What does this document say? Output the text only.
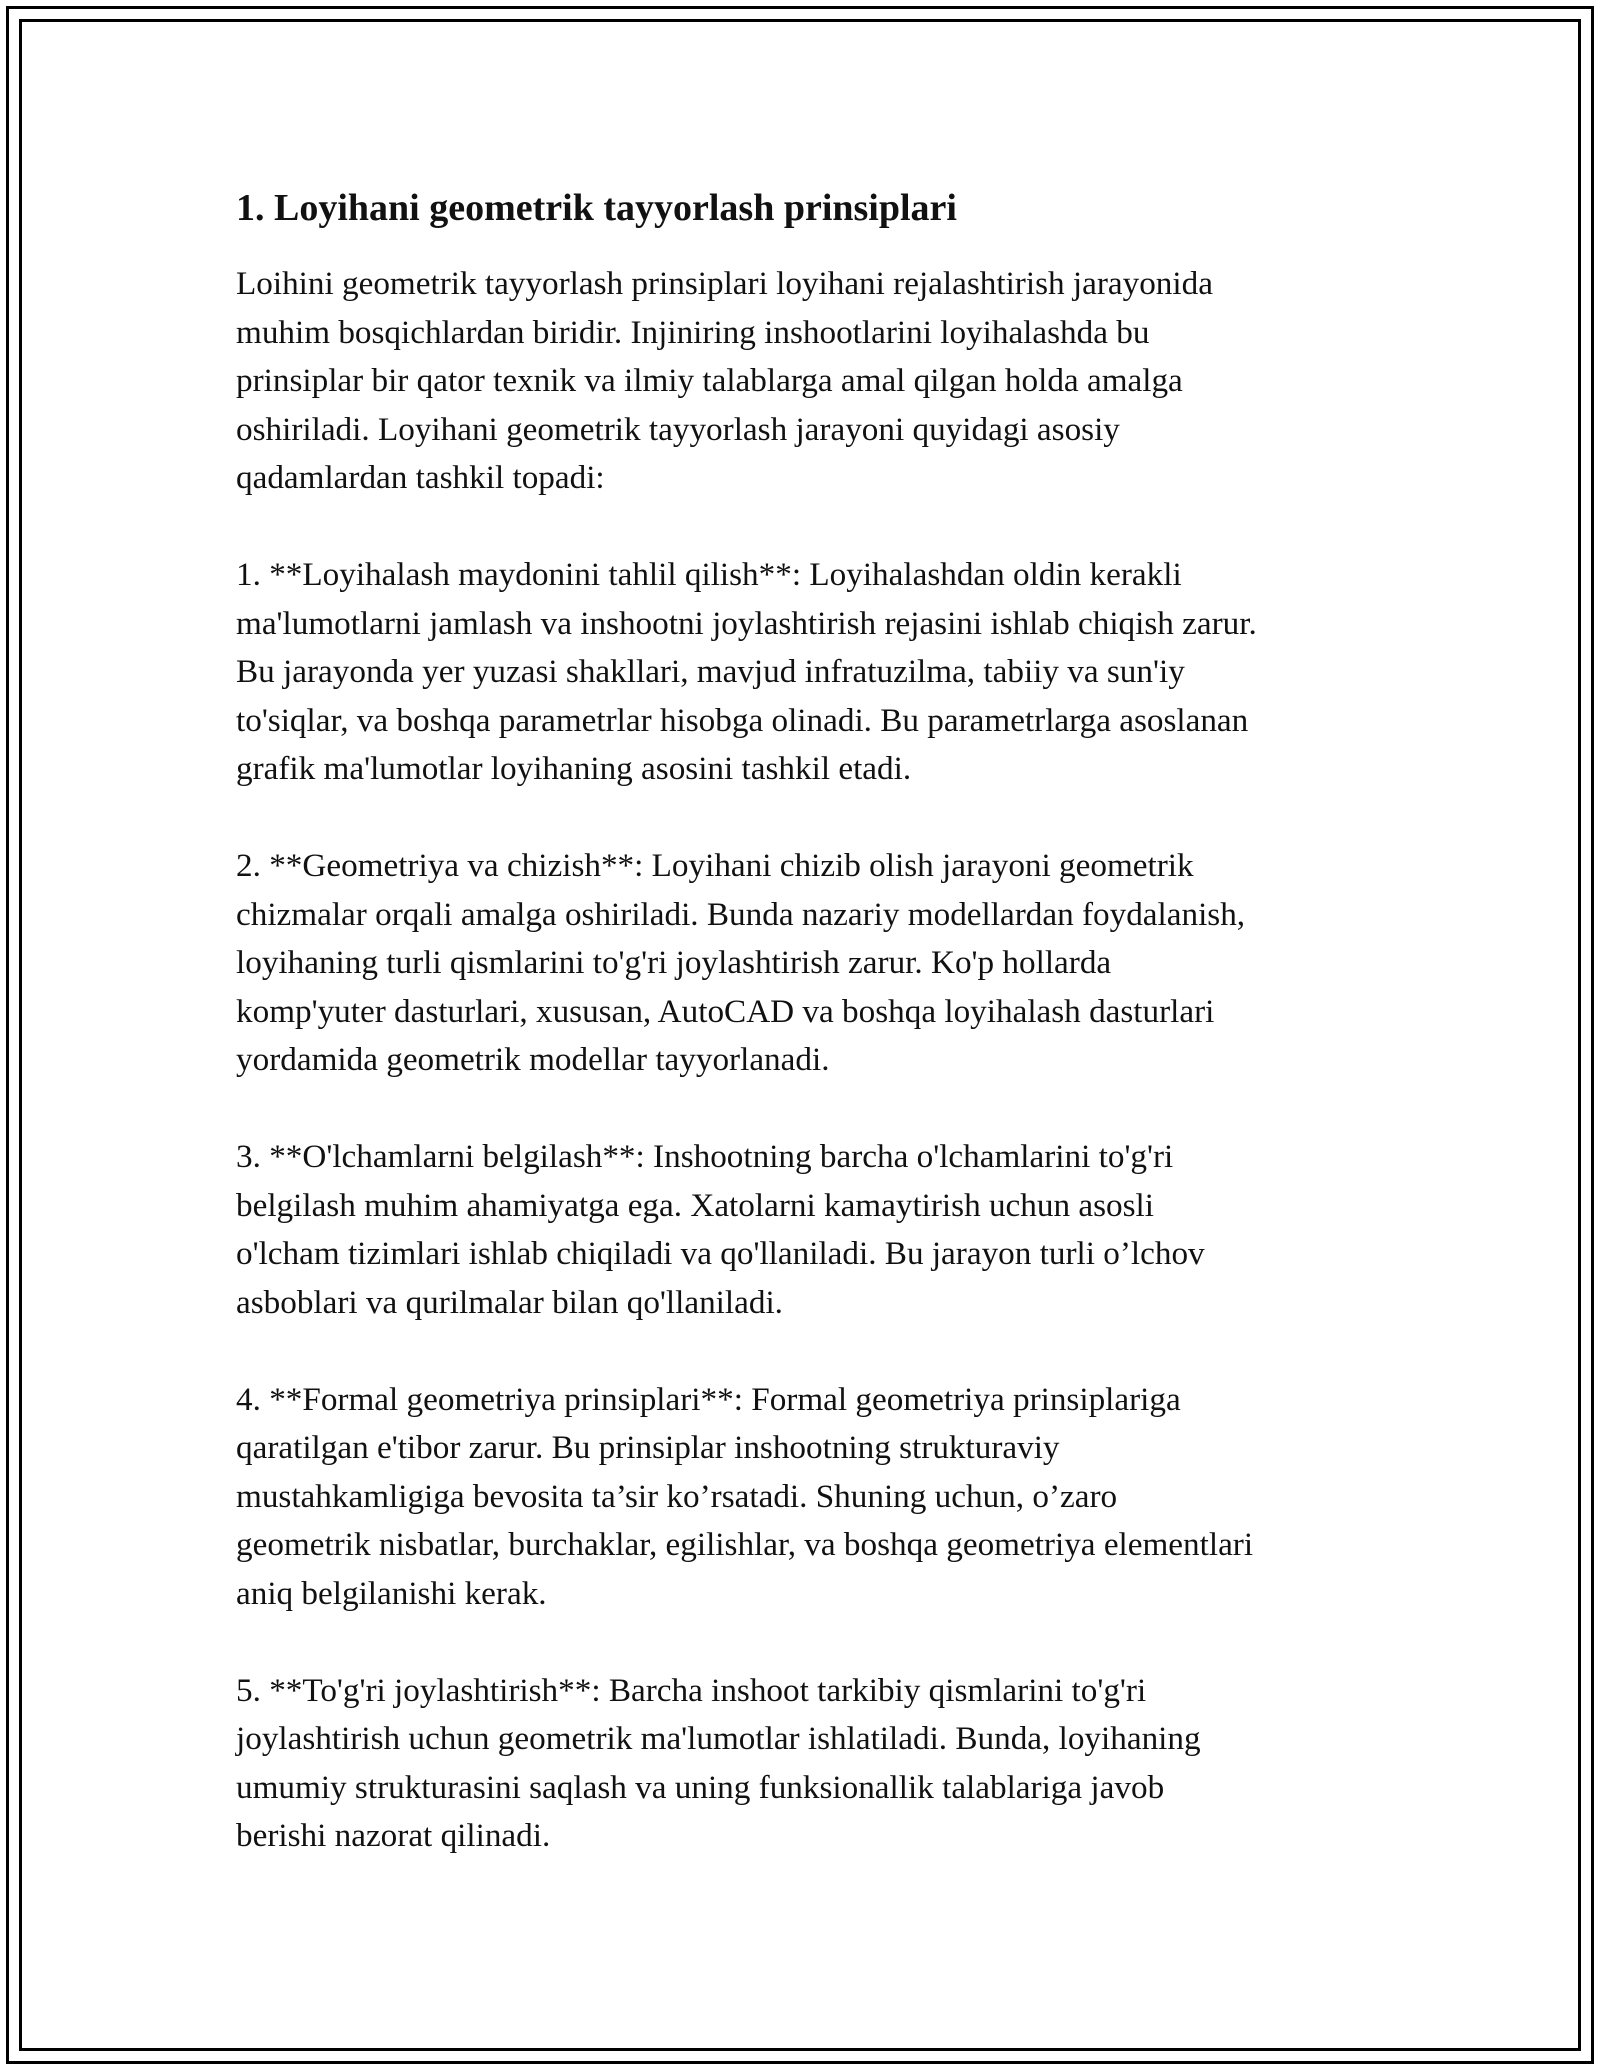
1. Loyihani geometrik tayyorlash prinsiplari

Loihini geometrik tayyorlash prinsiplari loyihani rejalashtirish jarayonida
muhim bosqichlardan biridir. Injiniring inshootlarini loyihalashda bu
prinsiplar bir qator texnik va ilmiy talablarga amal qilgan holda amalga
oshiriladi. Loyihani geometrik tayyorlash jarayoni quyidagi asosiy
qadamlardan tashkil topadi:

1. **Loyihalash maydonini tahlil qilish**: Loyihalashdan oldin kerakli
ma'lumotlarni jamlash va inshootni joylashtirish rejasini ishlab chiqish zarur.
Bu jarayonda yer yuzasi shakllari, mavjud infratuzilma, tabiiy va sun'iy
to'siqlar, va boshqa parametrlar hisobga olinadi. Bu parametrlarga asoslanan
grafik ma'lumotlar loyihaning asosini tashkil etadi.

2. **Geometriya va chizish**: Loyihani chizib olish jarayoni geometrik
chizmalar orqali amalga oshiriladi. Bunda nazariy modellardan foydalanish,
loyihaning turli qismlarini to'g'ri joylashtirish zarur. Ko'p hollarda
komp'yuter dasturlari, xususan, AutoCAD va boshqa loyihalash dasturlari
yordamida geometrik modellar tayyorlanadi.

3. **O'lchamlarni belgilash**: Inshootning barcha o'lchamlarini to'g'ri
belgilash muhim ahamiyatga ega. Xatolarni kamaytirish uchun asosli
o'lcham tizimlari ishlab chiqiladi va qo'llaniladi. Bu jarayon turli o’lchov
asboblari va qurilmalar bilan qo'llaniladi.

4. **Formal geometriya prinsiplari**: Formal geometriya prinsiplariga
qaratilgan e'tibor zarur. Bu prinsiplar inshootning strukturaviy
mustahkamligiga bevosita ta’sir ko’rsatadi. Shuning uchun, o’zaro
geometrik nisbatlar, burchaklar, egilishlar, va boshqa geometriya elementlari
aniq belgilanishi kerak.

5. **To'g'ri joylashtirish**: Barcha inshoot tarkibiy qismlarini to'g'ri
joylashtirish uchun geometrik ma'lumotlar ishlatiladi. Bunda, loyihaning
umumiy strukturasini saqlash va uning funksionallik talablariga javob
berishi nazorat qilinadi.
